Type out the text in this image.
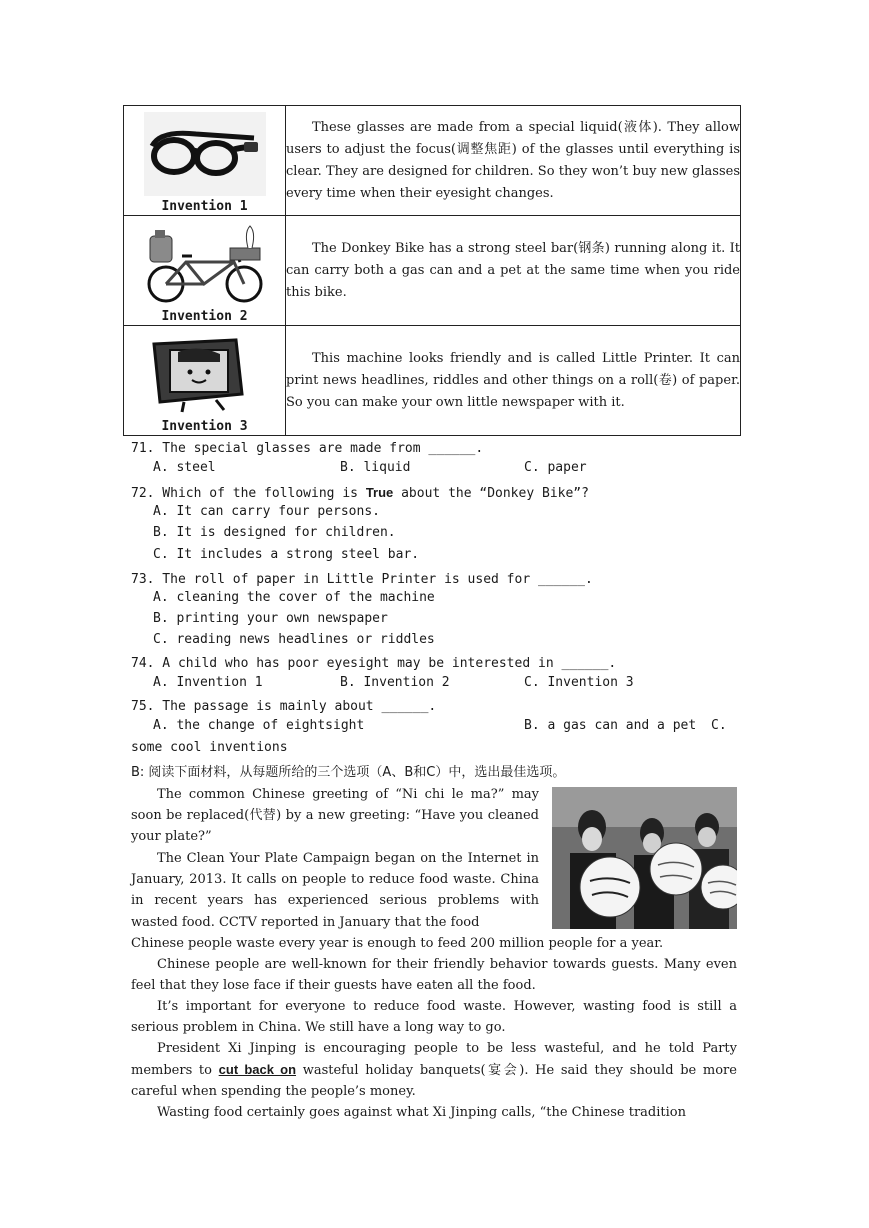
Invention 1	These glasses are made from a special liquid(液体). They allow users to adjust the focus(调整焦距) of the glasses until everything is clear. They are designed for children. So they won’t buy new glasses every time when their eyesight changes.

Invention 2	The Donkey Bike has a strong steel bar(钢条) running along it. It can carry both a gas can and a pet at the same time when you ride this bike.

Invention 3	This machine looks friendly and is called Little Printer. It can print news headlines, riddles and other things on a roll(卷) of paper. So you can make your own little newspaper with it.
71. The special glasses are made from ______.
A. steel	B. liquid	C. paper
72. Which of the following is True about the “Donkey Bike”?
A. It can carry four persons.
B. It is designed for children.
C. It includes a strong steel bar.
73. The roll of paper in Little Printer is used for ______.
A. cleaning the cover of the machine
B. printing your own newspaper
C. reading news headlines or riddles
74. A child who has poor eyesight may be interested in ______.
A. Invention 1	B. Invention 2	C. Invention 3
75. The passage is mainly about ______.
A. the change of eightsight	B. a gas can and a pet C.
some cool inventions
B: 阅读下面材料，从每题所给的三个选项（A、B和C）中，选出最佳选项。
The common Chinese greeting of “Ni chi le ma?” may soon be replaced(代替) by a new greeting: “Have you cleaned your plate?”
The Clean Your Plate Campaign began on the Internet in January, 2013. It calls on people to reduce food waste. China in recent years has experienced serious problems with wasted food. CCTV reported in January that the food
Chinese people waste every year is enough to feed 200 million people for a year.
Chinese people are well-known for their friendly behavior towards guests. Many even feel that they lose face if their guests have eaten all the food.
It’s important for everyone to reduce food waste. However, wasting food is still a serious problem in China. We still have a long way to go.
President Xi Jinping is encouraging people to be less wasteful, and he told Party members to cut back on wasteful holiday banquets(宴会). He said they should be more careful when spending the people’s money.
Wasting food certainly goes against what Xi Jinping calls, “the Chinese tradition
